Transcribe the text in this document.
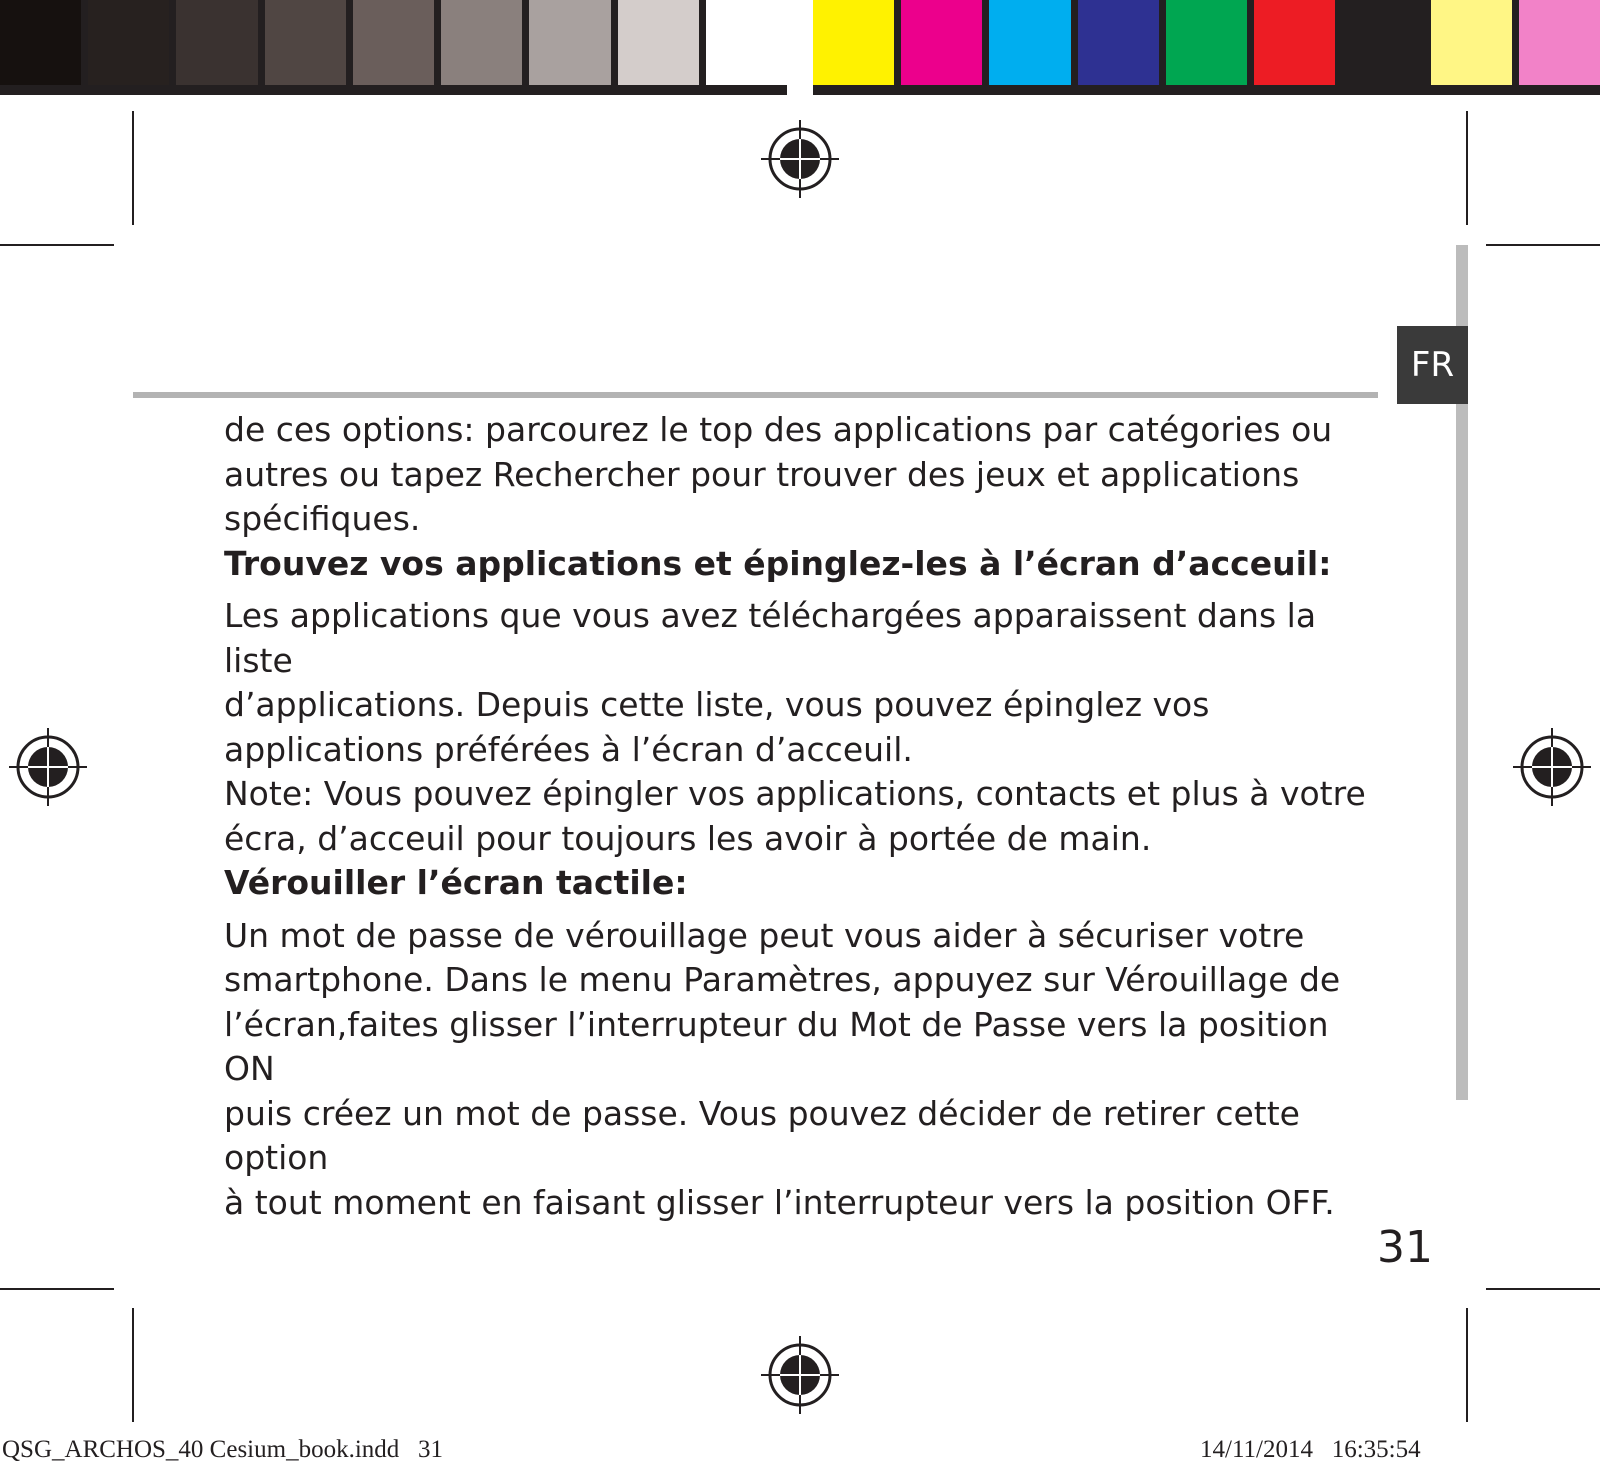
FR

de ces options: parcourez le top des applications par catégories ou

autres ou tapez Rechercher pour trouver des jeux et applications

spécifiques.

Trouvez vos applications et épinglez-les à l’écran d’acceuil:

Les applications que vous avez téléchargées apparaissent dans la liste

d’applications. Depuis cette liste, vous pouvez épinglez vos

applications préférées à l’écran d’acceuil.

Note: Vous pouvez épingler vos applications, contacts et plus à votre

écra, d’acceuil pour toujours les avoir à portée de main.

Vérouiller l’écran tactile:

Un mot de passe de vérouillage peut vous aider à sécuriser votre

smartphone. Dans le menu Paramètres, appuyez sur Vérouillage de

l’écran,faites glisser l’interrupteur du Mot de Passe vers la position ON

puis créez un mot de passe. Vous pouvez décider de retirer cette option

à tout moment en faisant glisser l’interrupteur vers la position OFF.

31
QSG_ARCHOS_40 Cesium_book.indd   31	14/11/2014 16:35:54
